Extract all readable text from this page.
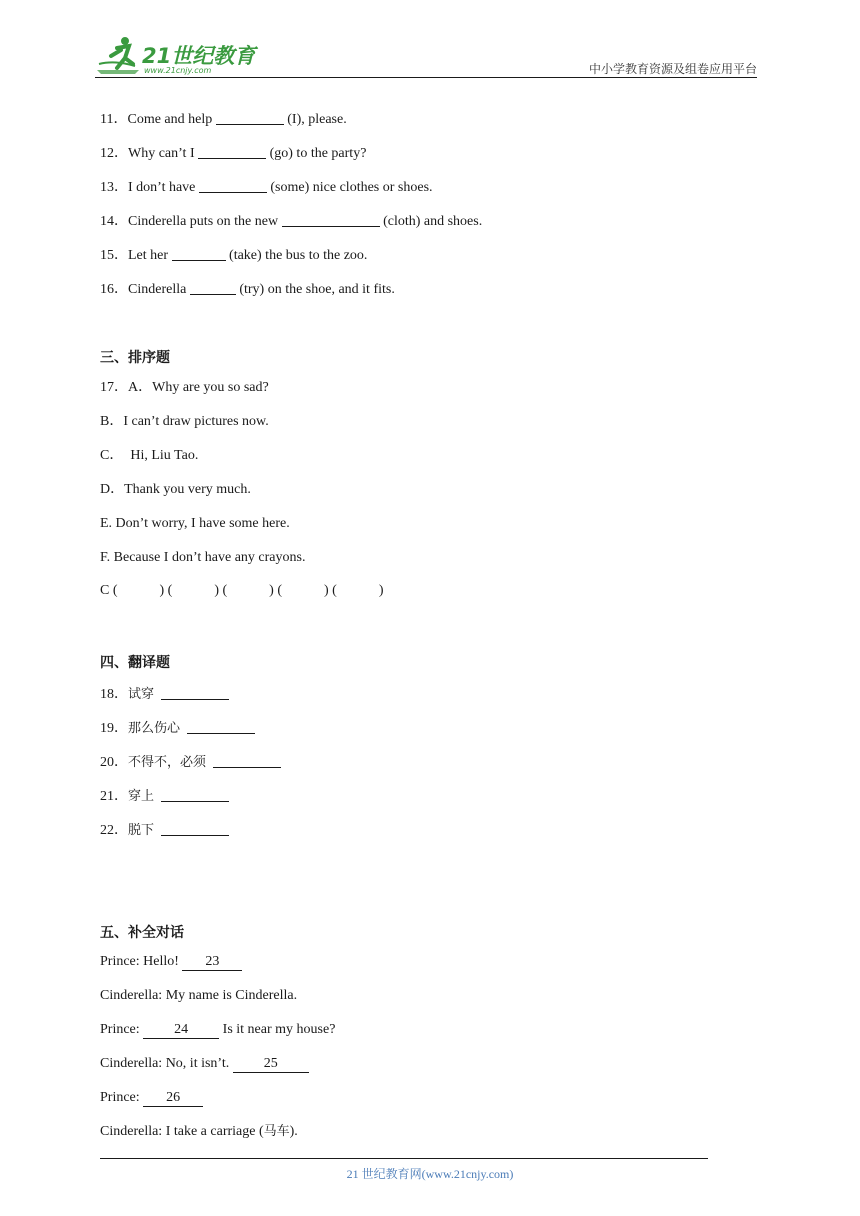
21世纪教育
www.21cnjy.com	中小学教育资源及组卷应用平台
11．Come and help	(I), please.
12．Why can’t I	(go) to the party?
13．I don’t have	(some) nice clothes or shoes.
14．Cinderella puts on the new	(cloth) and shoes.
15．Let her	(take) the bus to the zoo.
16．Cinderella	(try) on the shoe, and it fits.
三、排序题
17．A．Why are you so sad?
B．I can’t draw pictures now.
C．  Hi, Liu Tao.
D．Thank you very much.
E. Don’t worry, I have some here.
F. Because I don’t have any crayons.
C (	) (	) (	) (	) (	)
四、翻译题
18．试穿
19．那么伤心
20．不得不，必须
21．穿上
22．脱下
五、补全对话
Prince: Hello! 23
Cinderella: My name is Cinderella.
Prince: 24 Is it near my house?
Cinderella: No, it isn’t. 25
Prince: 26
Cinderella: I take a carriage (马车).
21 世纪教育网(www.21cnjy.com)
